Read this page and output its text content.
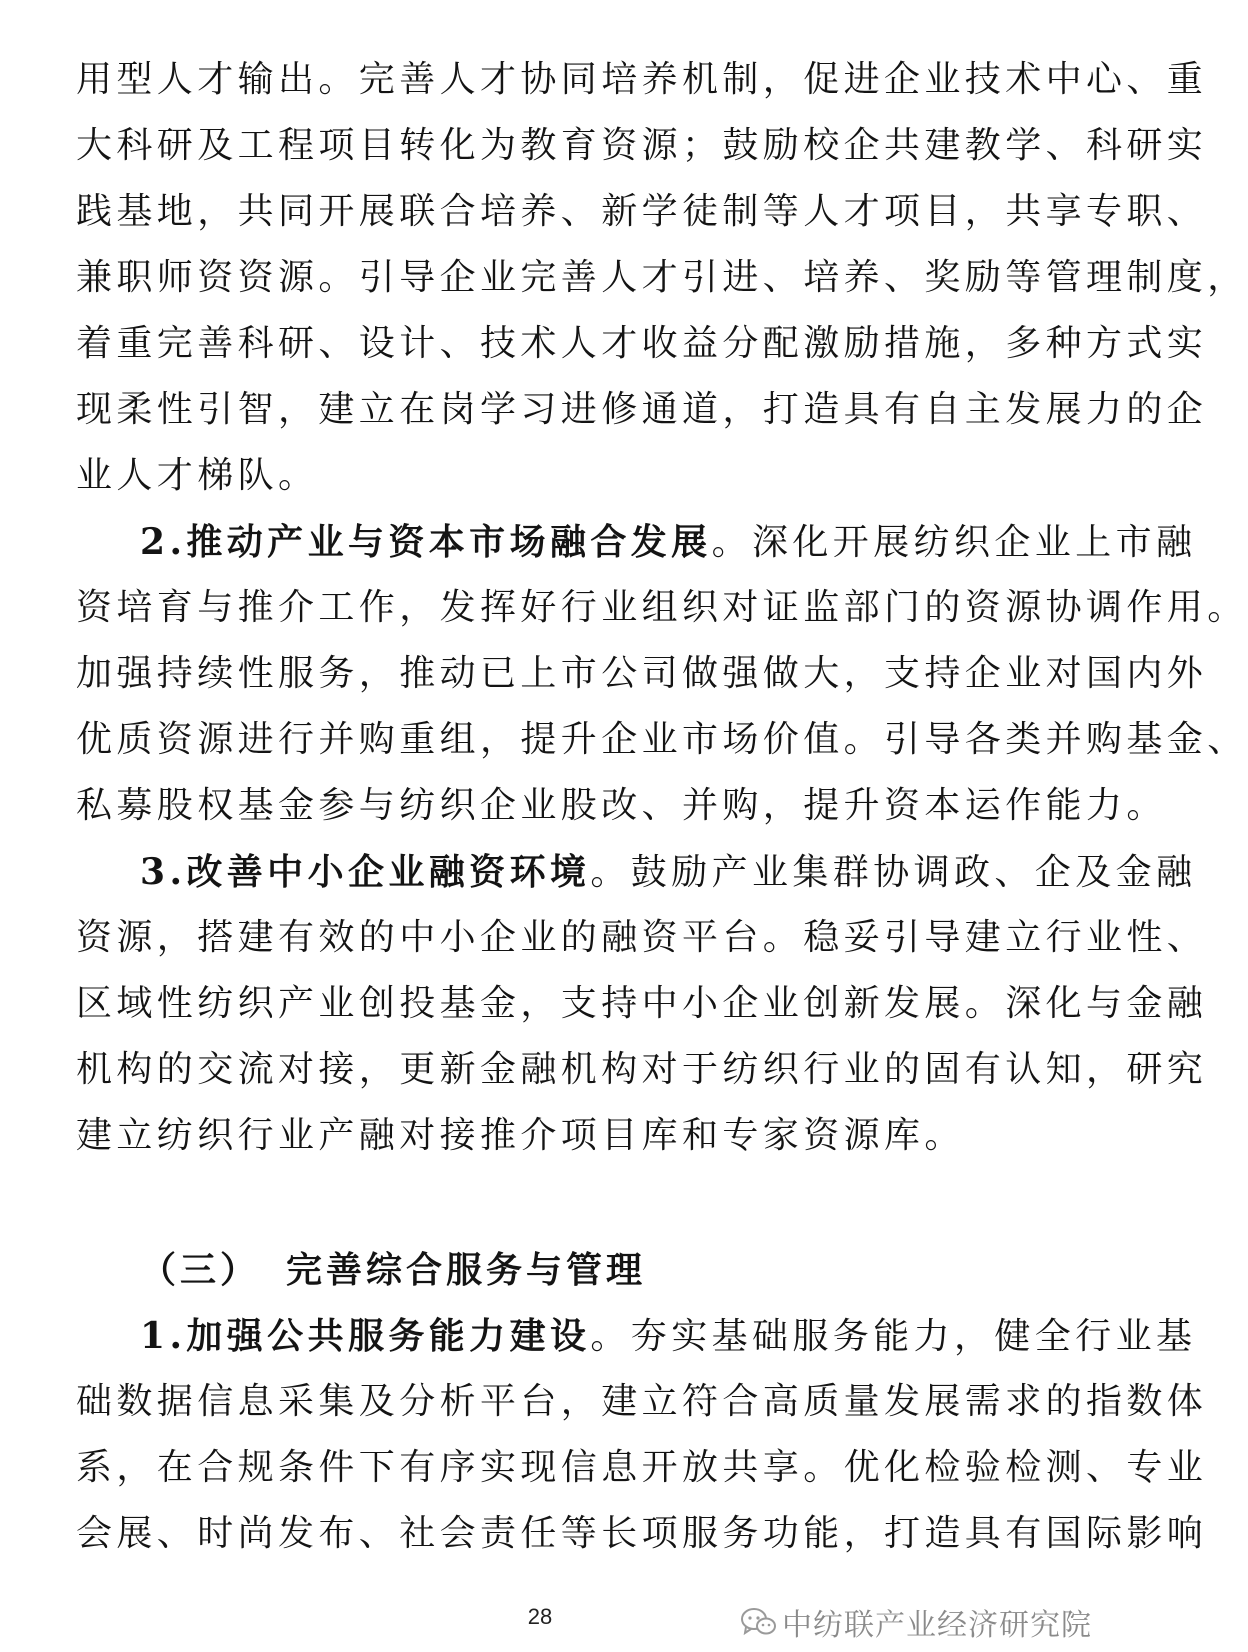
用型人才输出。完善人才协同培养机制，促进企业技术中心、重
大科研及工程项目转化为教育资源；鼓励校企共建教学、科研实
践基地，共同开展联合培养、新学徒制等人才项目，共享专职、
兼职师资资源。引导企业完善人才引进、培养、奖励等管理制度，
着重完善科研、设计、技术人才收益分配激励措施，多种方式实
现柔性引智，建立在岗学习进修通道，打造具有自主发展力的企
业人才梯队。
2.推动产业与资本市场融合发展。深化开展纺织企业上市融
资培育与推介工作，发挥好行业组织对证监部门的资源协调作用。
加强持续性服务，推动已上市公司做强做大，支持企业对国内外
优质资源进行并购重组，提升企业市场价值。引导各类并购基金、
私募股权基金参与纺织企业股改、并购，提升资本运作能力。
3.改善中小企业融资环境。鼓励产业集群协调政、企及金融
资源，搭建有效的中小企业的融资平台。稳妥引导建立行业性、
区域性纺织产业创投基金，支持中小企业创新发展。深化与金融
机构的交流对接，更新金融机构对于纺织行业的固有认知，研究
建立纺织行业产融对接推介项目库和专家资源库。
（三） 完善综合服务与管理
1.加强公共服务能力建设。夯实基础服务能力，健全行业基
础数据信息采集及分析平台，建立符合高质量发展需求的指数体
系，在合规条件下有序实现信息开放共享。优化检验检测、专业
会展、时尚发布、社会责任等长项服务功能，打造具有国际影响
28	中纺联产业经济研究院
